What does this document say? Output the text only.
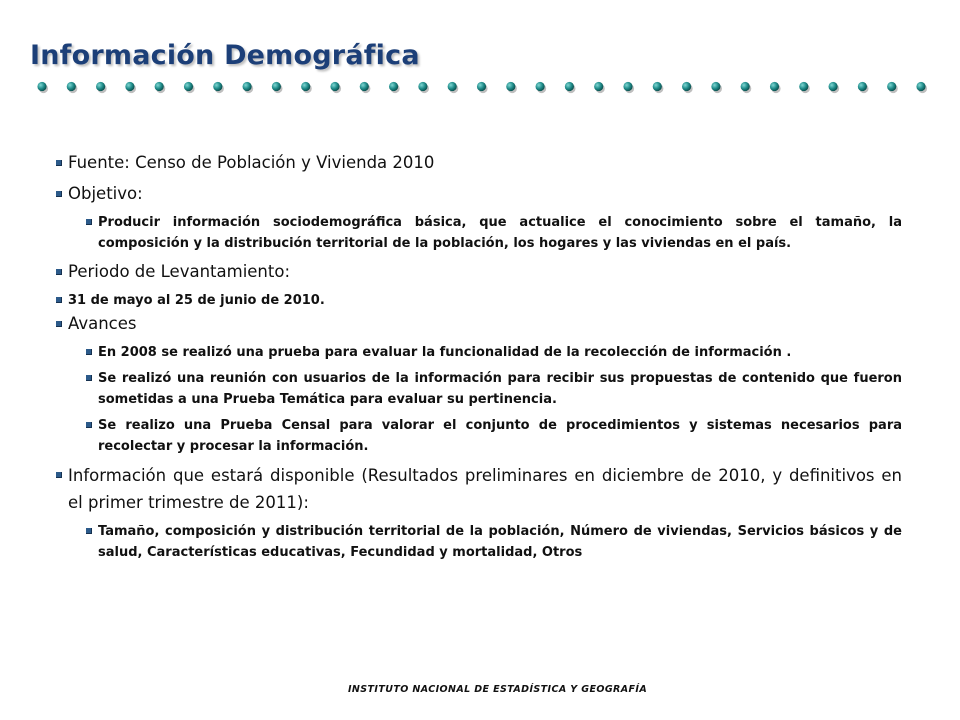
Información Demográfica
Fuente: Censo de Población y Vivienda 2010
Objetivo:
Producir información sociodemográfica básica, que actualice el conocimiento sobre el tamaño, la composición y la distribución territorial de la población, los hogares y las viviendas en el país.
Periodo de Levantamiento:
31 de mayo al 25 de junio de 2010.
Avances
En 2008 se realizó una prueba para evaluar la funcionalidad de la recolección de información .
Se realizó una reunión con usuarios de la información para recibir sus propuestas de contenido que fueron sometidas a una Prueba Temática para evaluar su pertinencia.
Se realizo una Prueba Censal para valorar el conjunto de procedimientos y sistemas necesarios para recolectar y procesar la información.
Información que estará disponible (Resultados preliminares en diciembre de 2010, y definitivos en el primer trimestre de 2011):
Tamaño, composición y distribución territorial de la población, Número de viviendas, Servicios básicos y de salud, Características educativas, Fecundidad y mortalidad, Otros
INSTITUTO NACIONAL DE ESTADÍSTICA Y GEOGRAFÍA
